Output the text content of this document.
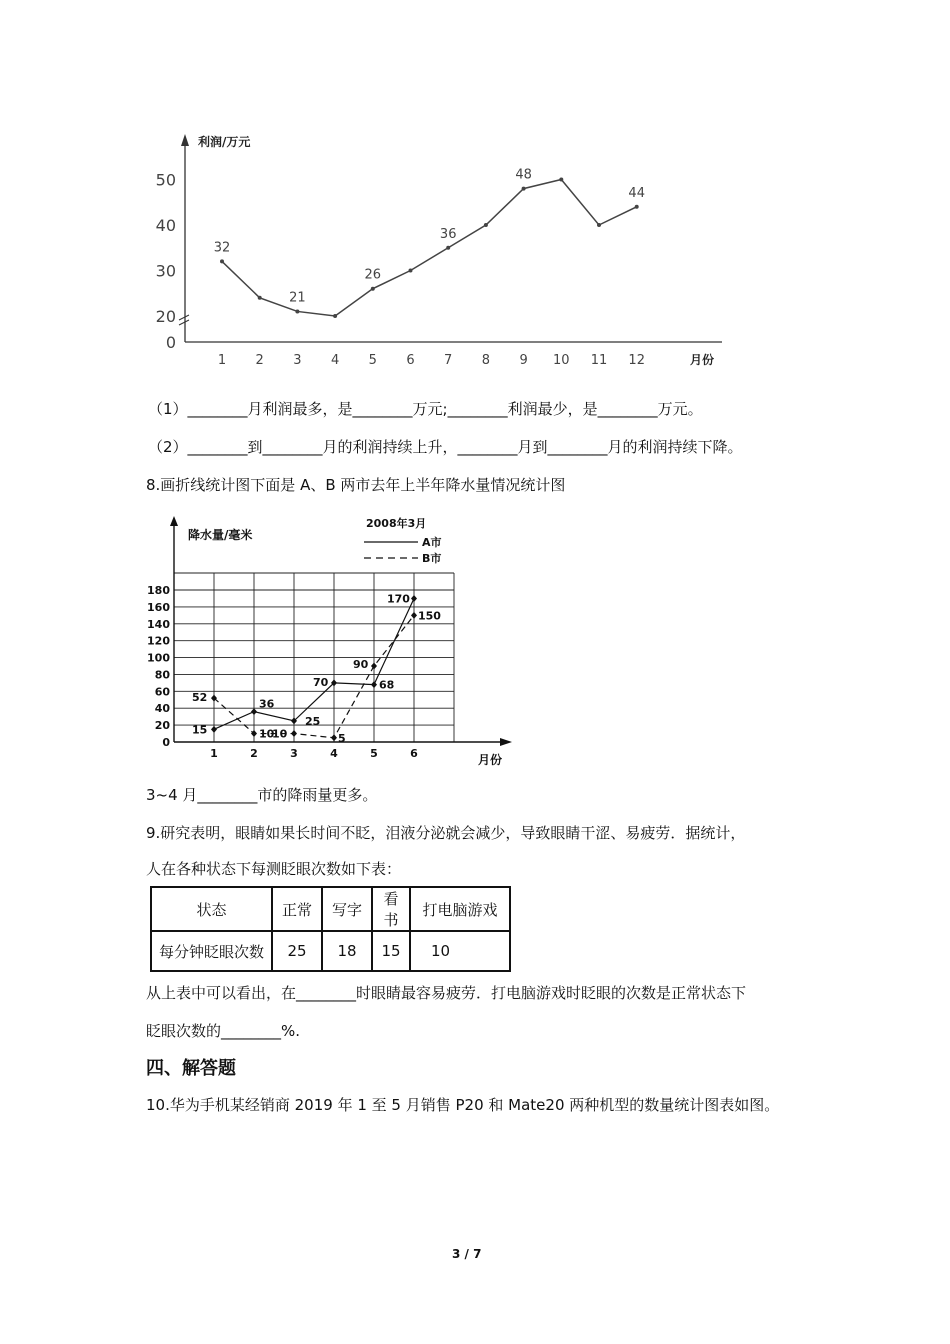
0
20
30
40
50
1 2 3 4 5 6 7 8 9 10 11 12
32
21
26
36
48
44
利润/万元
月份
（1）________月利润最多，是________万元;________利润最少，是________万元。
（2）________到________月的利润持续上升，________月到________月的利润持续下降。
8.画折线统计图下面是 A、B 两市去年上半年降水量情况统计图
0
20
40
60
80
100
120
140
160
180
1	2	3	4	5	6
52
15
36
10
25
10
70
5
90
68
170
150
降水量/毫米
月份
2008年3月
A市
B市
3~4 月________市的降雨量更多。
9.研究表明，眼睛如果长时间不眨，泪液分泌就会减少，导致眼睛干涩、易疲劳．据统计，
人在各种状态下每测眨眼次数如下表：
状态	正常	写字	看书	打电脑游戏
每分钟眨眼次数	25	18	15	10
从上表中可以看出，在________时眼睛最容易疲劳．打电脑游戏时眨眼的次数是正常状态下
眨眼次数的________%.
四、解答题
10.华为手机某经销商 2019 年 1 至 5 月销售 P20 和 Mate20 两种机型的数量统计图表如图。
3 / 7
